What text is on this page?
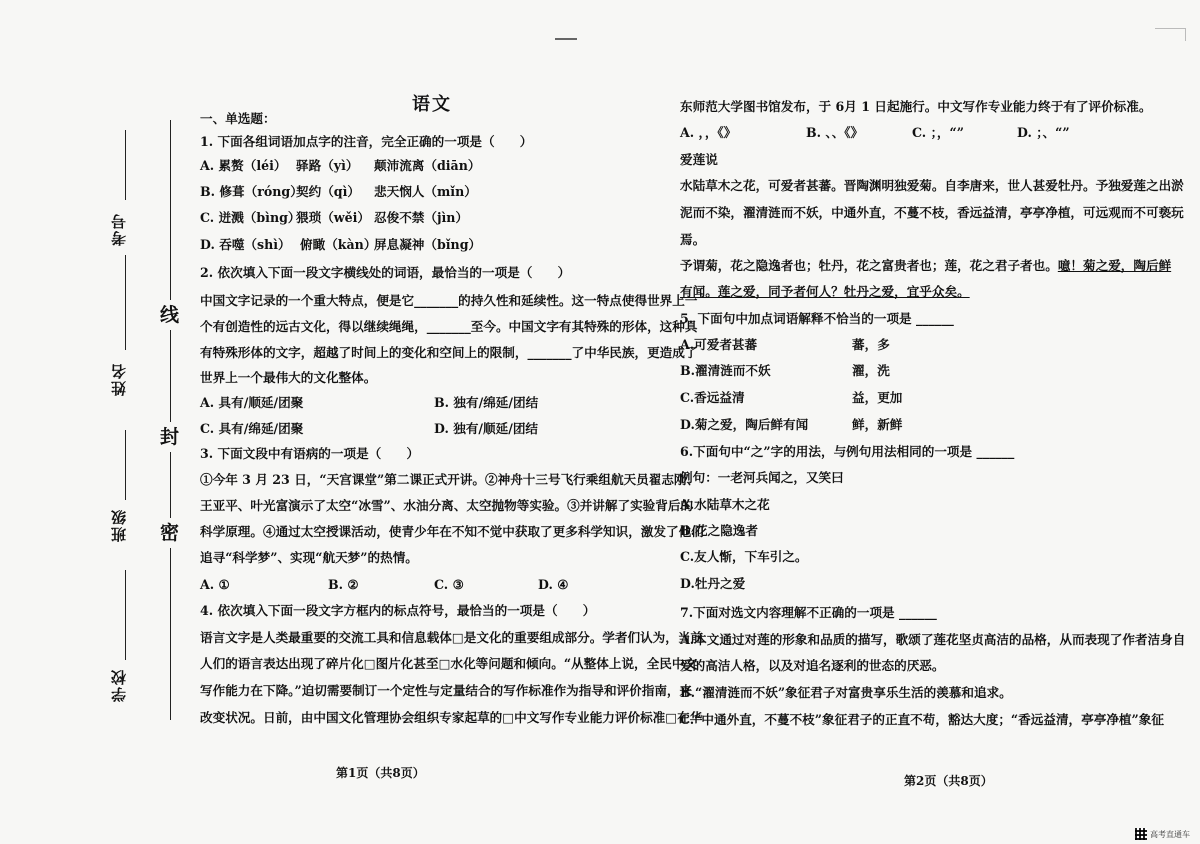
线
封
密
考号
姓名
班级
学校
语文
一、单选题：
1. 下面各组词语加点字的注音，完全正确的一项是（　　）
A. 累赘（léi） 驿路（yì） 颠沛流离（diān）
B. 修葺（róng）
契约（qì） 悲天悯人（mǐn）
C. 迸溅（bìng）
猥琐（wěi） 忍俊不禁（jìn）
D. 吞噬（shì） 俯瞰（kàn）
屏息凝神（bǐng）
2. 依次填入下面一段文字横线处的词语，最恰当的一项是（　　）
中国文字记录的一个重大特点，便是它_______的持久性和延续性。这一特点使得世界上一
个有创造性的远古文化，得以继续绳绳，_______至今。中国文字有其特殊的形体，这种具
有特殊形体的文字，超越了时间上的变化和空间上的限制，_______了中华民族，更造成了
世界上一个最伟大的文化整体。
A. 具有/顺延/团聚	B. 独有/绵延/团结
C. 具有/绵延/团聚	D. 独有/顺延/团结
3. 下面文段中有语病的一项是（　　）
①今年 3 月 23 日，“天宫课堂”第二课正式开讲。②神舟十三号飞行乘组航天员翟志刚、
王亚平、叶光富演示了太空“冰雪”、水油分离、太空抛物等实验。③并讲解了实验背后的
科学原理。④通过太空授课活动，使青少年在不知不觉中获取了更多科学知识，激发了他们
追寻“科学梦”、实现“航天梦”的热情。
A. ①	B. ②	C. ③	D. ④
4. 依次填入下面一段文字方框内的标点符号，最恰当的一项是（　　）
语言文字是人类最重要的交流工具和信息载体□是文化的重要组成部分。学者们认为，当前
人们的语言表达出现了碎片化□图片化甚至□水化等问题和倾向。“从整体上说，全民中文
写作能力在下降。”迫切需要制订一个定性与定量结合的写作标准作为指导和评价指南，来
改变状况。日前，由中国文化管理协会组织专家起草的□中文写作专业能力评价标准□在华
第1页（共8页）
东师范大学图书馆发布，于 6月 1 日起施行。中文写作专业能力终于有了评价标准。
A. ，，《》	B. 、、《》	C. ；，“”	D. ；、“”
爱莲说
水陆草木之花，可爱者甚蕃。晋陶渊明独爱菊。自李唐来，世人甚爱牡丹。予独爱莲之出淤
泥而不染，濯清涟而不妖，中通外直，不蔓不枝，香远益清，亭亭净植，可远观而不可亵玩
焉。
予谓菊，花之隐逸者也；牡丹，花之富贵者也；莲，花之君子者也。噫！菊之爱，陶后鲜
有闻。莲之爱，同予者何人？牡丹之爱，宜乎众矣。
5. 下面句中加点词语解释不恰当的一项是 ______
A.可爱者甚蕃	蕃，多
B.濯清涟而不妖	濯，洗
C.香远益清	益，更加
D.菊之爱，陶后鲜有闻	鲜，新鲜
6.下面句中“之”字的用法，与例句用法相同的一项是 ______
例句：一老河兵闻之，又笑曰
A.水陆草木之花
B.花之隐逸者
C.友人惭，下车引之。
D.牡丹之爱
7.下面对选文内容理解不正确的一项是 ______
A.本文通过对莲的形象和品质的描写，歌颂了莲花坚贞高洁的品格，从而表现了作者洁身自
爱的高洁人格，以及对追名逐利的世态的厌恶。
B.“濯清涟而不妖”象征君子对富贵享乐生活的羡慕和追求。
C.“中通外直，不蔓不枝”象征君子的正直不苟，豁达大度；“香远益清，亭亭净植”象征
第2页（共8页）
高考直通车
